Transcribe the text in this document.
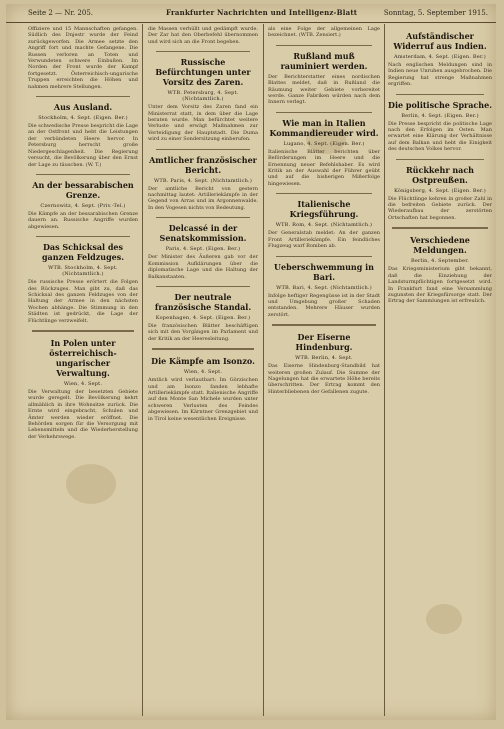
Seite 2 — Nr. 205.	Frankfurter Nachrichten und Intelligenz-Blatt	Sonntag, 5. September 1915.
Offiziere und 15 Mannschaften gefangen. Südlich des Dnjestr wurde der Feind zurückgeworfen. Die Armee setzte den Angriff fort und machte Gefangene. Die Russen verloren an Toten und Verwundeten schwere Einbußen. Im Norden der Front wurde der Kampf fortgesetzt. Österreichisch-ungarische Truppen erreichten die Höhen und nahmen mehrere Stellungen.
Aus Ausland.
Stockholm, 4. Sept. (Eigen. Ber.)
Die schwedische Presse bespricht die Lage an der Ostfront und hebt die Leistungen der verbündeten Heere hervor. In Petersburg herrscht große Niedergeschlagenheit. Die Regierung versucht, die Bevölkerung über den Ernst der Lage zu täuschen. (W. T.)
An der bessarabischen Grenze.
Czernowitz, 4. Sept. (Priv.-Tel.)
Die Kämpfe an der bessarabischen Grenze dauern an. Russische Angriffe wurden abgewiesen.
Das Schicksal des ganzen Feldzuges.
WTB. Stockholm, 4. Sept. (Nichtamtlich.)
Die russische Presse erörtert die Folgen des Rückzuges. Man gibt zu, daß das Schicksal des ganzen Feldzuges von der Haltung der Armee in den nächsten Wochen abhänge. Die Stimmung in den Städten ist gedrückt, die Lage der Flüchtlinge verzweifelt.
In Polen unter österreichisch-ungarischer Verwaltung.
Wien, 4. Sept.
Die Verwaltung der besetzten Gebiete wurde geregelt. Die Bevölkerung kehrt allmählich in ihre Wohnsitze zurück. Die Ernte wird eingebracht, Schulen und Ämter werden wieder eröffnet. Die Behörden sorgen für die Versorgung mit Lebensmitteln und die Wiederherstellung der Verkehrswege.
die Massen verhüllt und gedämpft wurde. Der Zar hat den Oberbefehl übernommen und wird sich an die Front begeben.
Russische Befürchtungen unter Vorsitz des Zaren.
WTB. Petersburg, 4. Sept. (Nichtamtlich.)
Unter dem Vorsitz des Zaren fand ein Ministerrat statt, in dem über die Lage beraten wurde. Man befürchtet weitere Verluste und erwägt Maßnahmen zur Verteidigung der Hauptstadt. Die Duma wird zu einer Sondersitzung einberufen.
Amtlicher französischer Bericht.
WTB. Paris, 4. Sept. (Nichtamtlich.)
Der amtliche Bericht von gestern nachmittag lautet: Artilleriekämpfe in der Gegend von Arras und im Argonnenwalde. In den Vogesen nichts von Bedeutung.
Delcassé in der Senatskommission.
Paris, 4. Sept. (Eigen. Ber.)
Der Minister des Äußeren gab vor der Kommission Aufklärungen über die diplomatische Lage und die Haltung der Balkanstaaten.
Der neutrale französische Standal.
Kopenhagen, 4. Sept. (Eigen. Ber.)
Die französischen Blätter beschäftigen sich mit den Vorgängen im Parlament und der Kritik an der Heeresleitung.
Die Kämpfe am Isonzo.
Wien, 4. Sept.
Amtlich wird verlautbart: Im Görzischen und am Isonzo fanden lebhafte Artilleriekämpfe statt. Italienische Angriffe auf den Monte San Michele wurden unter schweren Verlusten des Feindes abgewiesen. Im Kärntner Grenzgebiet und in Tirol keine wesentlichen Ereignisse.
als eine Folge der allgemeinen Lage bezeichnet. (WTB. Zensiert.)
Rußland muß rauminiert werden.
Der Berichterstatter eines nordischen Blattes meldet, daß in Rußland die Räumung weiter Gebiete vorbereitet werde. Ganze Fabriken würden nach dem Innern verlegt.
Wie man in Italien Kommandiereuder wird.
Lugano, 4. Sept. (Eigen. Ber.)
Italienische Blätter berichten über Beförderungen im Heere und die Ernennung neuer Befehlshaber. Es wird Kritik an der Auswahl der Führer geübt und auf die bisherigen Mißerfolge hingewiesen.
Italienische Kriegsführung.
WTB. Rom, 4. Sept. (Nichtamtlich.)
Der Generalstab meldet: An der ganzen Front Artilleriekämpfe. Ein feindliches Flugzeug warf Bomben ab.
Ueberschwemmung in Bari.
WTB. Bari, 4. Sept. (Nichtamtlich.)
Infolge heftiger Regengüsse ist in der Stadt und Umgebung großer Schaden entstanden. Mehrere Häuser wurden zerstört.
Der Eiserne Hindenburg.
WTB. Berlin, 4. Sept.
Das Eiserne Hindenburg-Standbild hat weiteren großen Zulauf. Die Summe der Nagelungen hat die erwartete Höhe bereits überschritten. Der Ertrag kommt den Hinterbliebenen der Gefallenen zugute.
Aufständischer Widerruf aus Indien.
Amsterdam, 4. Sept. (Eigen. Ber.)
Nach englischen Meldungen sind in Indien neue Unruhen ausgebrochen. Die Regierung hat strenge Maßnahmen ergriffen.
Die politische Sprache.
Berlin, 4. Sept. (Eigen. Ber.)
Die Presse bespricht die politische Lage nach den Erfolgen im Osten. Man erwartet eine Klärung der Verhältnisse auf dem Balkan und hebt die Einigkeit des deutschen Volkes hervor.
Rückkehr nach Ostpreußen.
Königsberg, 4. Sept. (Eigen. Ber.)
Die Flüchtlinge kehren in großer Zahl in die befreiten Gebiete zurück. Der Wiederaufbau der zerstörten Ortschaften hat begonnen.
Verschiedene Meldungen.
Berlin, 4. September.
Das Kriegsministerium gibt bekannt, daß die Einziehung der Landsturmpflichtigen fortgesetzt wird. In Frankfurt fand eine Versammlung zugunsten der Kriegsfürsorge statt. Der Ertrag der Sammlungen ist erfreulich.
